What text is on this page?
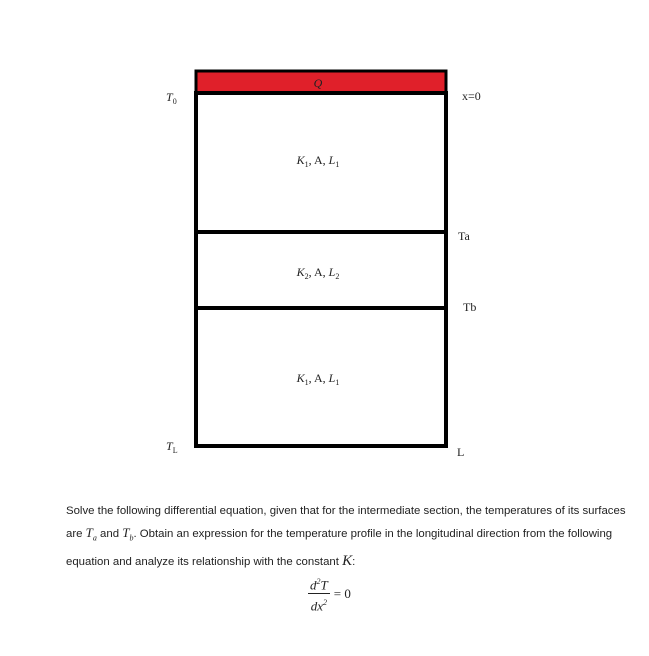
Q
$K_1$, A, $L_1$
$K_2$, A, $L_2$
$K_1$, A, $L_1$
$T_0$
$T_L$
x=0
Ta
Tb
L
Solve the following differential equation, given that for the intermediate section, the temperatures of its surfaces are $T_a$ and $T_b$. Obtain an expression for the temperature profile in the longitudinal direction from the following equation and analyze its relationship with the constant K:
$\frac{d^2T}{dx^2} = 0$
